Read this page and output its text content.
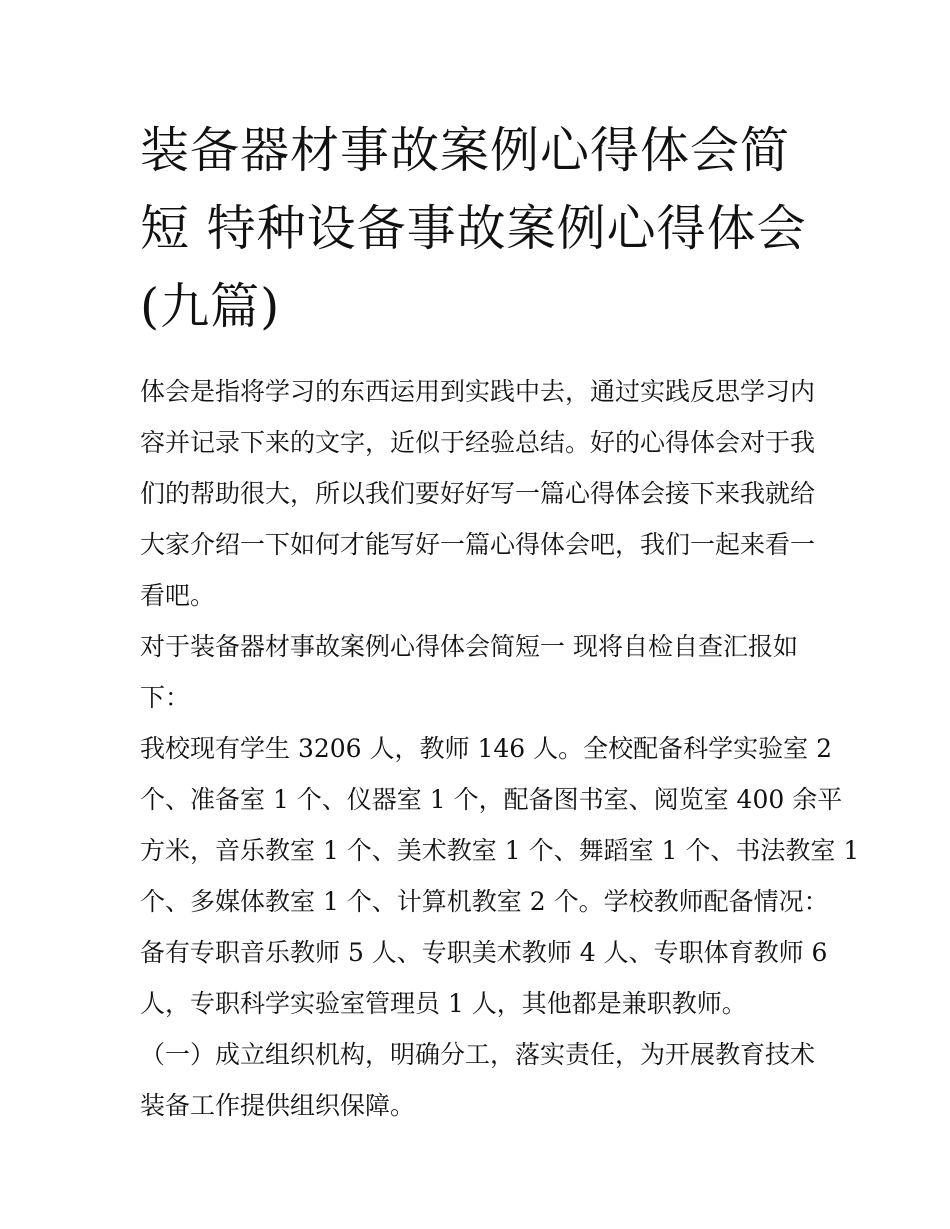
装备器材事故案例心得体会简
短 特种设备事故案例心得体会
(九篇)

体会是指将学习的东西运用到实践中去，通过实践反思学习内
容并记录下来的文字，近似于经验总结。好的心得体会对于我
们的帮助很大，所以我们要好好写一篇心得体会接下来我就给
大家介绍一下如何才能写好一篇心得体会吧，我们一起来看一
看吧。

对于装备器材事故案例心得体会简短一 现将自检自查汇报如
下：

我校现有学生 3206 人，教师 146 人。全校配备科学实验室 2
个、准备室 1 个、仪器室 1 个，配备图书室、阅览室 400 余平
方米，音乐教室 1 个、美术教室 1 个、舞蹈室 1 个、书法教室 1
个、多媒体教室 1 个、计算机教室 2 个。学校教师配备情况：
备有专职音乐教师 5 人、专职美术教师 4 人、专职体育教师 6
人，专职科学实验室管理员 1 人，其他都是兼职教师。

（一）成立组织机构，明确分工，落实责任，为开展教育技术
装备工作提供组织保障。
